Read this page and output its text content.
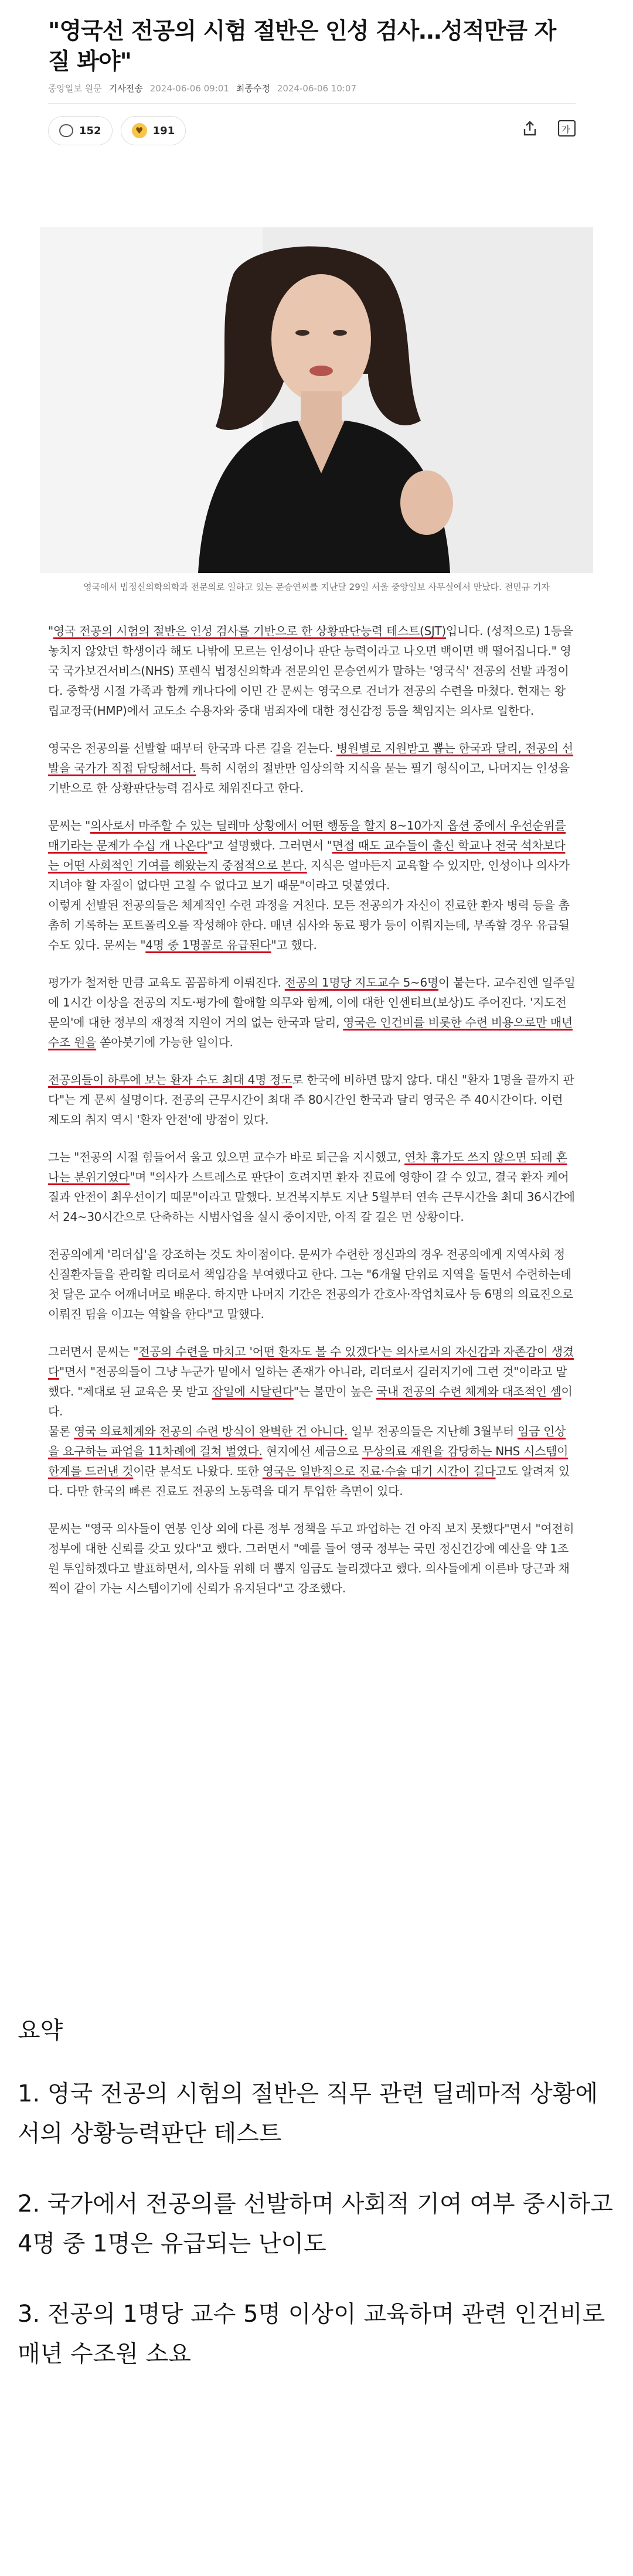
"영국선 전공의 시험 절반은 인성 검사…성적만큼 자질 봐야"
중앙일보 원문 기사전송 2024-06-06 09:01 최종수정 2024-06-06 10:07
152	♥ 191	가

영국에서 법정신의학의학과 전문의로 일하고 있는 문승연씨를 지난달 29일 서울 중앙일보 사무실에서 만났다. 전민규 기자

"영국 전공의 시험의 절반은 인성 검사를 기반으로 한 상황판단능력 테스트(SJT)입니다. (성적으로) 1등을 놓치지 않았던 학생이라 해도 나밖에 모르는 인성이나 판단 능력이라고 나오면 백이면 백 떨어집니다." 영국 국가보건서비스(NHS) 포렌식 법정신의학과 전문의인 문승연씨가 말하는 '영국식' 전공의 선발 과정이다. 중학생 시절 가족과 함께 캐나다에 이민 간 문씨는 영국으로 건너가 전공의 수련을 마쳤다. 현재는 왕립교정국(HMP)에서 교도소 수용자와 중대 범죄자에 대한 정신감정 등을 책임지는 의사로 일한다.

영국은 전공의를 선발할 때부터 한국과 다른 길을 걷는다. 병원별로 지원받고 뽑는 한국과 달리, 전공의 선발을 국가가 직접 담당해서다. 특히 시험의 절반만 임상의학 지식을 묻는 필기 형식이고, 나머지는 인성을 기반으로 한 상황판단능력 검사로 채워진다고 한다.

문씨는 "의사로서 마주할 수 있는 딜레마 상황에서 어떤 행동을 할지 8~10가지 옵션 중에서 우선순위를 매기라는 문제가 수십 개 나온다"고 설명했다. 그러면서 "면접 때도 교수들이 출신 학교나 전국 석차보다는 어떤 사회적인 기여를 해왔는지 중점적으로 본다. 지식은 얼마든지 교육할 수 있지만, 인성이나 의사가 지녀야 할 자질이 없다면 고칠 수 없다고 보기 때문"이라고 덧붙였다.
이렇게 선발된 전공의들은 체계적인 수련 과정을 거친다. 모든 전공의가 자신이 진료한 환자 병력 등을 촘촘히 기록하는 포트폴리오를 작성해야 한다. 매년 심사와 동료 평가 등이 이뤄지는데, 부족할 경우 유급될 수도 있다. 문씨는 "4명 중 1명꼴로 유급된다"고 했다.

평가가 철저한 만큼 교육도 꼼꼼하게 이뤄진다. 전공의 1명당 지도교수 5~6명이 붙는다. 교수진엔 일주일에 1시간 이상을 전공의 지도·평가에 할애할 의무와 함께, 이에 대한 인센티브(보상)도 주어진다. '지도전문의'에 대한 정부의 재정적 지원이 거의 없는 한국과 달리, 영국은 인건비를 비롯한 수련 비용으로만 매년 수조 원을 쏟아붓기에 가능한 일이다.

전공의들이 하루에 보는 환자 수도 최대 4명 정도로 한국에 비하면 많지 않다. 대신 "환자 1명을 끝까지 판다"는 게 문씨 설명이다. 전공의 근무시간이 최대 주 80시간인 한국과 달리 영국은 주 40시간이다. 이런 제도의 취지 역시 '환자 안전'에 방점이 있다.

그는 "전공의 시절 힘들어서 울고 있으면 교수가 바로 퇴근을 지시했고, 연차 휴가도 쓰지 않으면 되레 혼나는 분위기였다"며 "의사가 스트레스로 판단이 흐려지면 환자 진료에 영향이 갈 수 있고, 결국 환자 케어 질과 안전이 최우선이기 때문"이라고 말했다. 보건복지부도 지난 5월부터 연속 근무시간을 최대 36시간에서 24~30시간으로 단축하는 시범사업을 실시 중이지만, 아직 갈 길은 먼 상황이다.

전공의에게 '리더십'을 강조하는 것도 차이점이다. 문씨가 수련한 정신과의 경우 전공의에게 지역사회 정신질환자들을 관리할 리더로서 책임감을 부여했다고 한다. 그는 "6개월 단위로 지역을 돌면서 수련하는데 첫 달은 교수 어깨너머로 배운다. 하지만 나머지 기간은 전공의가 간호사·작업치료사 등 6명의 의료진으로 이뤄진 팀을 이끄는 역할을 한다"고 말했다.

그러면서 문씨는 "전공의 수련을 마치고 '어떤 환자도 볼 수 있겠다'는 의사로서의 자신감과 자존감이 생겼다"면서 "전공의들이 그냥 누군가 밑에서 일하는 존재가 아니라, 리더로서 길러지기에 그런 것"이라고 말했다. "제대로 된 교육은 못 받고 잡일에 시달린다"는 불만이 높은 국내 전공의 수련 체계와 대조적인 셈이다.
물론 영국 의료체계와 전공의 수련 방식이 완벽한 건 아니다. 일부 전공의들은 지난해 3월부터 임금 인상을 요구하는 파업을 11차례에 걸쳐 벌였다. 현지에선 세금으로 무상의료 재원을 감당하는 NHS 시스템이 한계를 드러낸 것이란 분석도 나왔다. 또한 영국은 일반적으로 진료·수술 대기 시간이 길다고도 알려져 있다. 다만 한국의 빠른 진료도 전공의 노동력을 대거 투입한 측면이 있다.

문씨는 "영국 의사들이 연봉 인상 외에 다른 정부 정책을 두고 파업하는 건 아직 보지 못했다"면서 "여전히 정부에 대한 신뢰를 갖고 있다"고 했다. 그러면서 "예를 들어 영국 정부는 국민 정신건강에 예산을 약 1조원 투입하겠다고 발표하면서, 의사들 위해 더 뽑지 임금도 늘리겠다고 했다. 의사들에게 이른바 당근과 채찍이 같이 가는 시스템이기에 신뢰가 유지된다"고 강조했다.

요약
1. 영국 전공의 시험의 절반은 직무 관련 딜레마적 상황에서의 상황능력판단 테스트
2. 국가에서 전공의를 선발하며 사회적 기여 여부 중시하고 4명 중 1명은 유급되는 난이도
3. 전공의 1명당 교수 5명 이상이 교육하며 관련 인건비로 매년 수조원 소요
